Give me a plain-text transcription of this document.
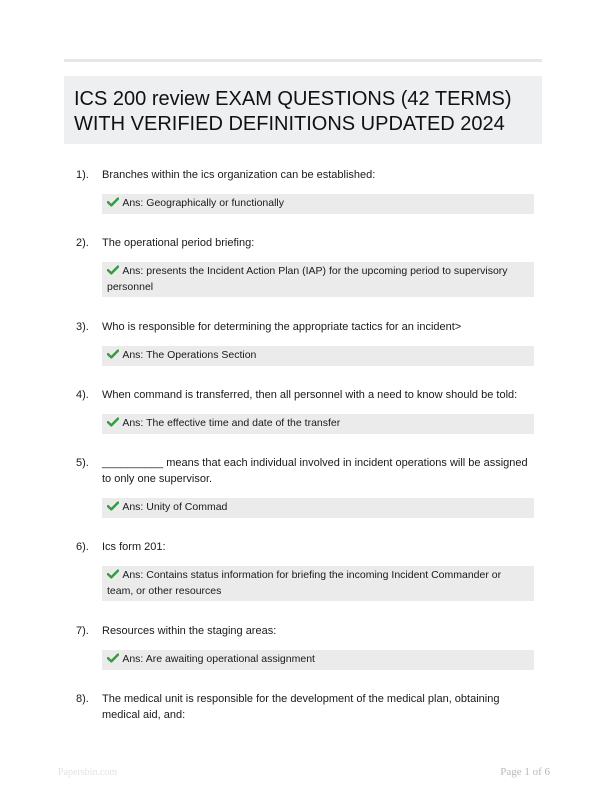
ICS 200 review EXAM QUESTIONS (42 TERMS)
WITH VERIFIED DEFINITIONS UPDATED 2024
1). Branches within the ics organization can be established:
Ans: Geographically or functionally
2). The operational period briefing:
Ans: presents the Incident Action Plan (IAP) for the upcoming period to supervisory personnel
3). Who is responsible for determining the appropriate tactics for an incident>
Ans: The Operations Section
4). When command is transferred, then all personnel with a need to know should be told:
Ans: The effective time and date of the transfer
5). __________ means that each individual involved in incident operations will be assigned to only one supervisor.
Ans: Unity of Commad
6). Ics form 201:
Ans: Contains status information for briefing the incoming Incident Commander or team, or other resources
7). Resources within the staging areas:
Ans: Are awaiting operational assignment
8). The medical unit is responsible for the development of the medical plan, obtaining medical aid, and:
Papersbin.com	Page 1 of 6
